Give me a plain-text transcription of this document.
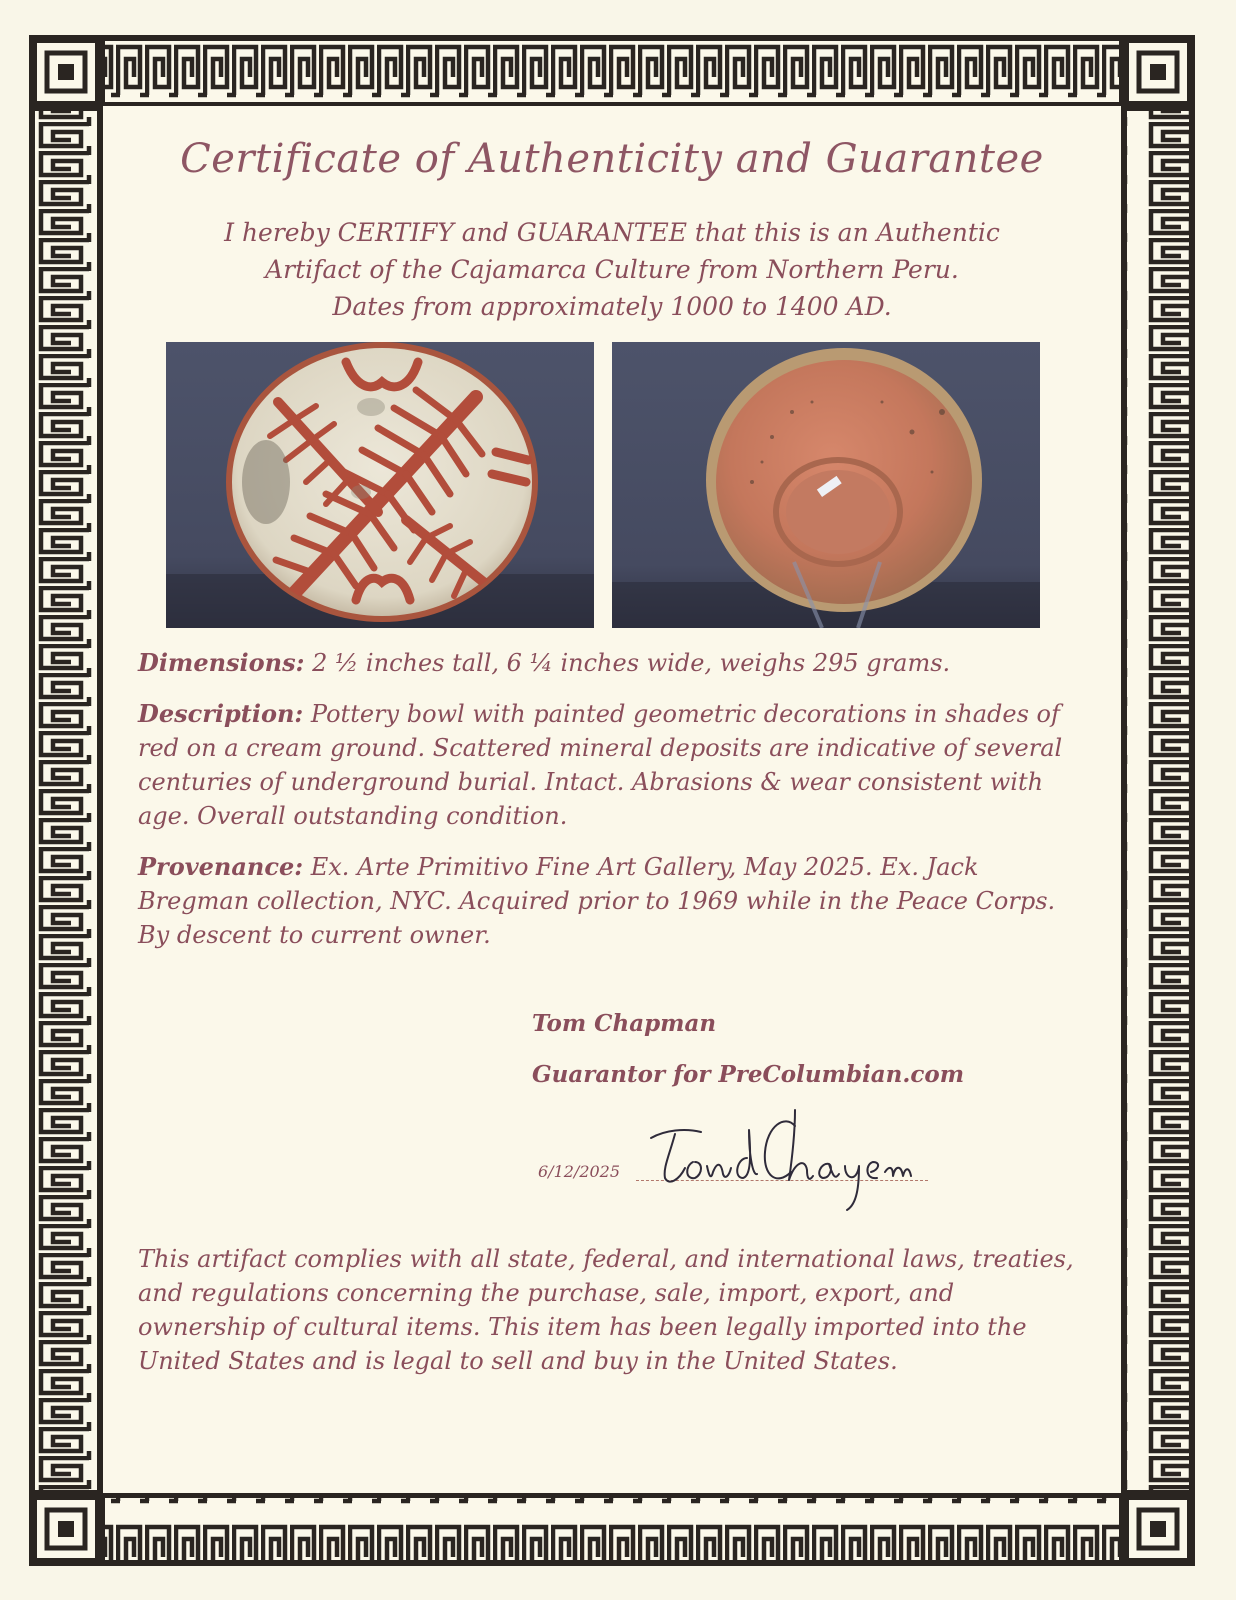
Certificate of Authenticity and Guarantee
I hereby CERTIFY and GUARANTEE that this is an Authentic
Artifact of the Cajamarca Culture from Northern Peru.
Dates from approximately 1000 to 1400 AD.
Dimensions: 2 ½ inches tall, 6 ¼ inches wide, weighs 295 grams.
Description: Pottery bowl with painted geometric decorations in shades of red on a cream ground. Scattered mineral deposits are indicative of several centuries of underground burial. Intact. Abrasions & wear consistent with age. Overall outstanding condition.
Provenance: Ex. Arte Primitivo Fine Art Gallery, May 2025. Ex. Jack Bregman collection, NYC. Acquired prior to 1969 while in the Peace Corps. By descent to current owner.
Tom Chapman
Guarantor for PreColumbian.com
6/12/2025
This artifact complies with all state, federal, and international laws, treaties, and regulations concerning the purchase, sale, import, export, and ownership of cultural items. This item has been legally imported into the United States and is legal to sell and buy in the United States.
